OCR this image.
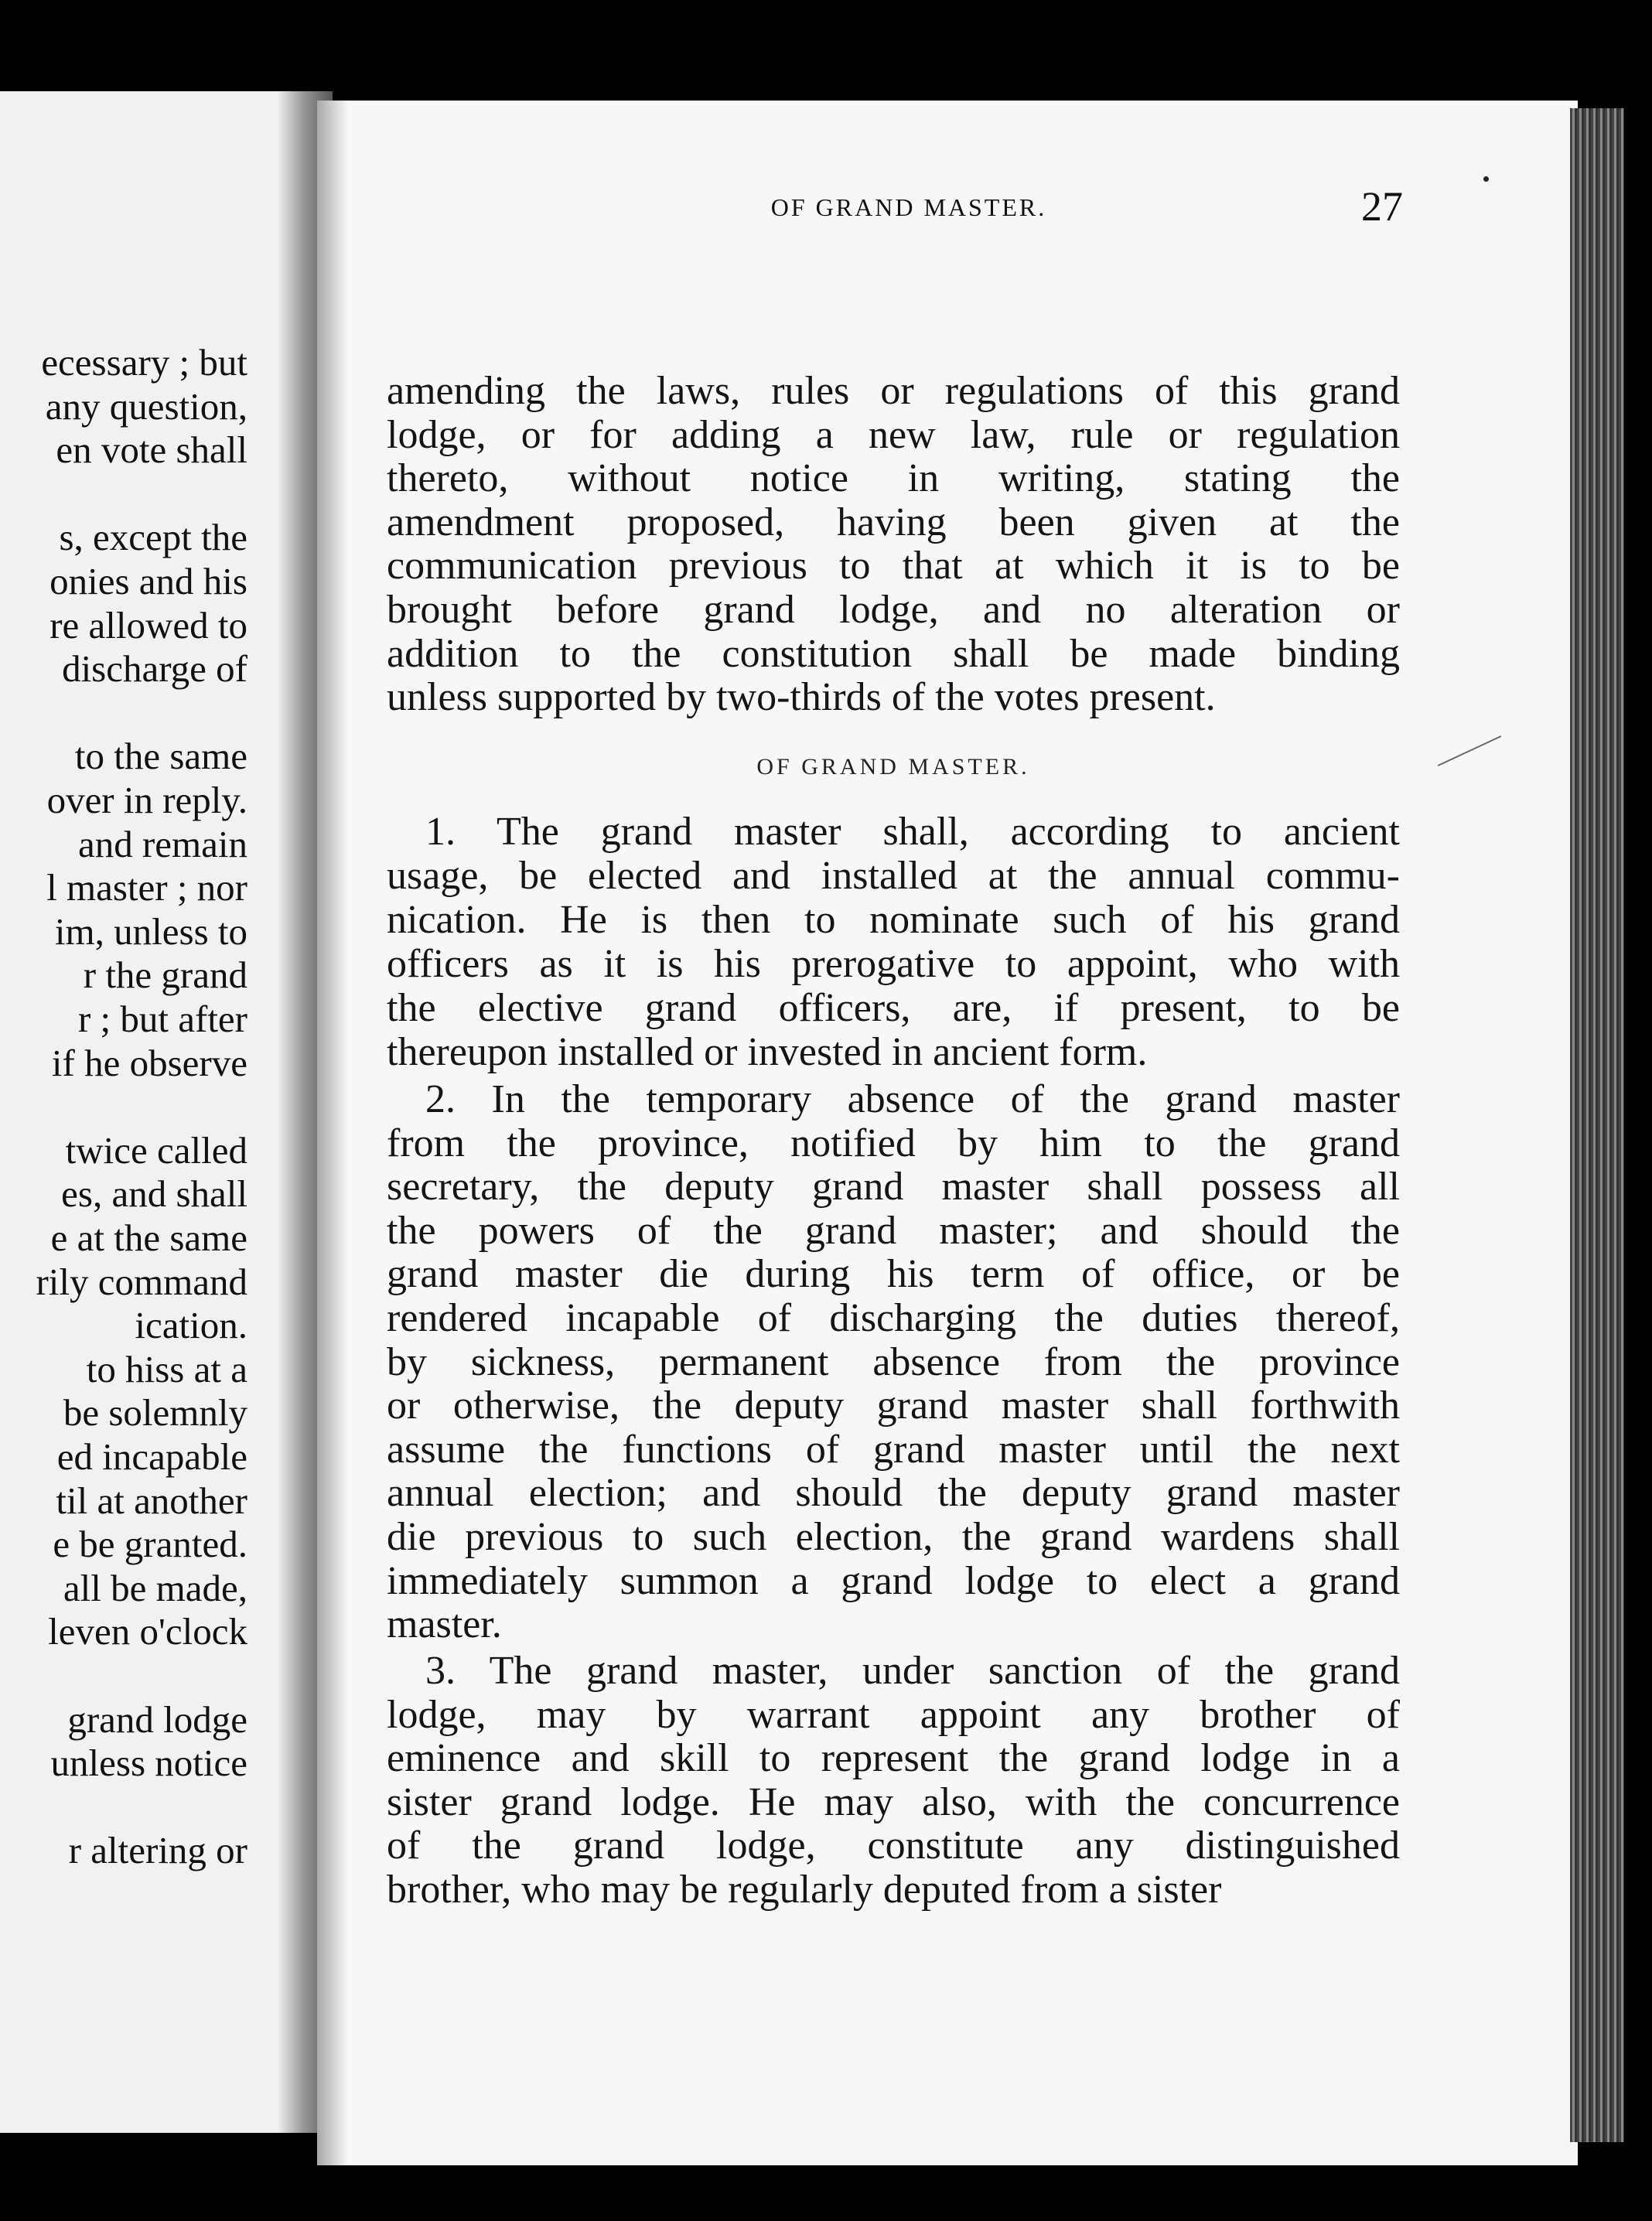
ecessary ; but
any question,
en vote shall
s, except the
onies and his
re allowed to
discharge of
to the same
over in reply.
and remain
l master ; nor
im, unless to
r the grand
r ; but after
if he observe
twice called
es, and shall
e at the same
rily command
ication.
to hiss at a
be solemnly
ed incapable
til at another
e be granted.
all be made,
leven o'clock
grand lodge
unless notice
r altering or
OF GRAND MASTER.	27
amending the laws, rules or regulations of this grand
lodge, or for adding a new law, rule or regulation
thereto, without notice in writing, stating the
amendment proposed, having been given at the
communication previous to that at which it is to be
brought before grand lodge, and no alteration or
addition to the constitution shall be made binding
unless supported by two-thirds of the votes present.
1. The grand master shall, according to ancient
usage, be elected and installed at the annual commu-
nication. He is then to nominate such of his grand
officers as it is his prerogative to appoint, who with
the elective grand officers, are, if present, to be
thereupon installed or invested in ancient form.
2. In the temporary absence of the grand master
from the province, notified by him to the grand
secretary, the deputy grand master shall possess all
the powers of the grand master; and should the
grand master die during his term of office, or be
rendered incapable of discharging the duties thereof,
by sickness, permanent absence from the province
or otherwise, the deputy grand master shall forthwith
assume the functions of grand master until the next
annual election; and should the deputy grand master
die previous to such election, the grand wardens shall
immediately summon a grand lodge to elect a grand
master.
3. The grand master, under sanction of the grand
lodge, may by warrant appoint any brother of
eminence and skill to represent the grand lodge in a
sister grand lodge. He may also, with the concurrence
of the grand lodge, constitute any distinguished
brother, who may be regularly deputed from a sister
OF GRAND MASTER.
